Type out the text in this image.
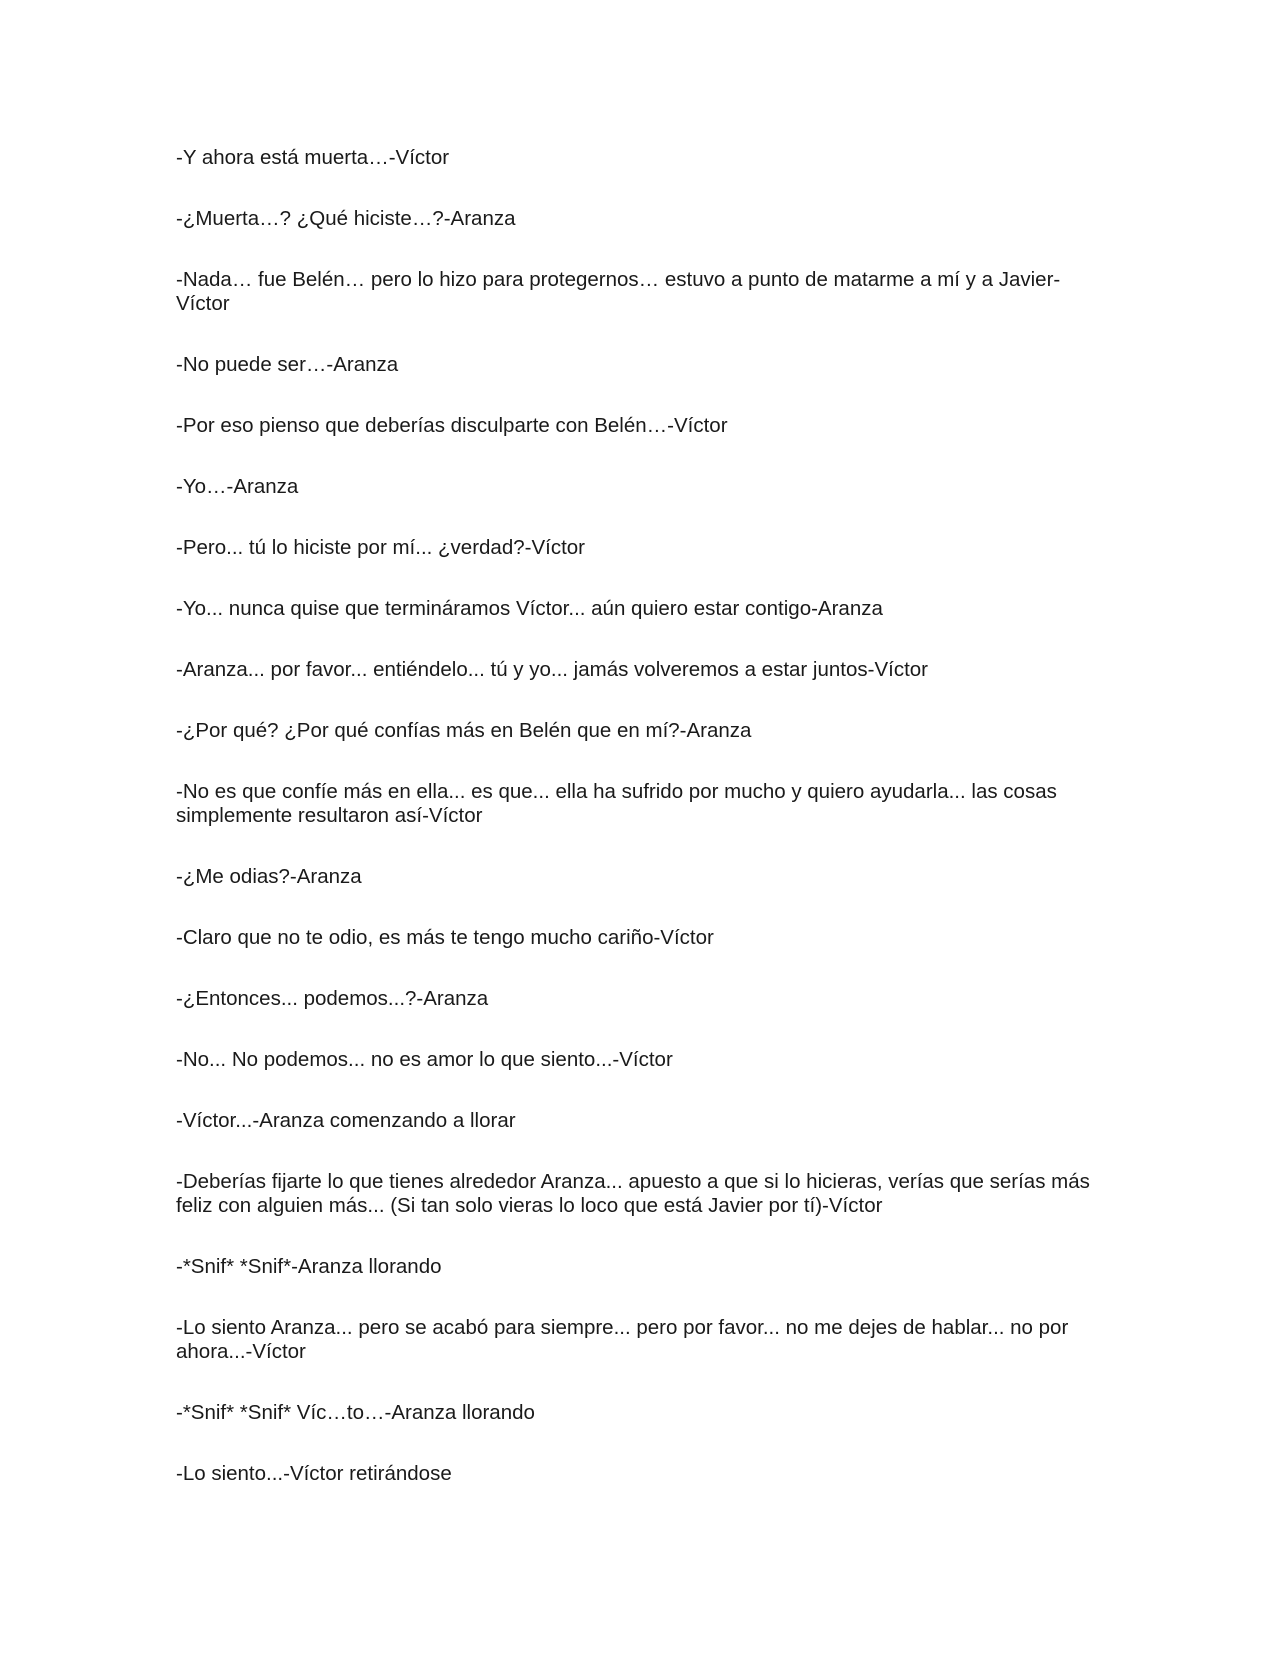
-Y ahora está muerta…-Víctor

-¿Muerta…? ¿Qué hiciste…?-Aranza

-Nada… fue Belén… pero lo hizo para protegernos… estuvo a punto de matarme a mí y a Javier-Víctor

-No puede ser…-Aranza

-Por eso pienso que deberías disculparte con Belén…-Víctor

-Yo…-Aranza

-Pero... tú lo hiciste por mí... ¿verdad?-Víctor

-Yo... nunca quise que termináramos Víctor... aún quiero estar contigo-Aranza

-Aranza... por favor... entiéndelo... tú y yo... jamás volveremos a estar juntos-Víctor

-¿Por qué? ¿Por qué confías más en Belén que en mí?-Aranza

-No es que confíe más en ella... es que... ella ha sufrido por mucho y quiero ayudarla... las cosas simplemente resultaron así-Víctor

-¿Me odias?-Aranza

-Claro que no te odio, es más te tengo mucho cariño-Víctor

-¿Entonces... podemos...?-Aranza

-No... No podemos... no es amor lo que siento...-Víctor

-Víctor...-Aranza comenzando a llorar

-Deberías fijarte lo que tienes alrededor Aranza... apuesto a que si lo hicieras, verías que serías más feliz con alguien más... (Si tan solo vieras lo loco que está Javier por tí)-Víctor

-*Snif* *Snif*-Aranza llorando

-Lo siento Aranza... pero se acabó para siempre... pero por favor... no me dejes de hablar... no por ahora...-Víctor

-*Snif* *Snif* Víc…to…-Aranza llorando

-Lo siento...-Víctor retirándose
